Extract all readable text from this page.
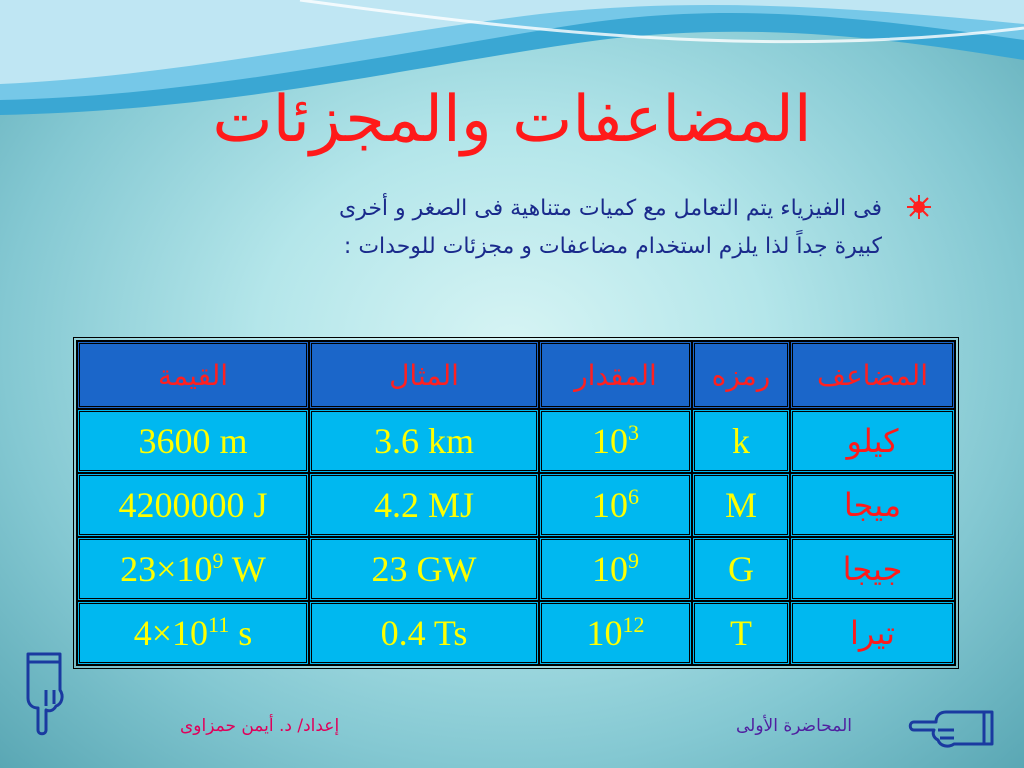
المضاعفات والمجزئات
فى الفيزياء يتم التعامل مع كميات متناهية فى الصغر و أخرى
كبيرة جداً لذا يلزم استخدام مضاعفات و مجزئات للوحدات :
المضاعف	رمزه	المقدار	المثال	القيمة
كيلو	k	$10^3$	3.6 km	3600 m
ميجا	M	$10^6$	4.2 MJ	4200000 J
جيجا	G	$10^9$	23 GW	$23\times 10^9$ W
تيرا	T	$10^{12}$	0.4 Ts	$4\times 10^{11}$ s
المحاضرة الأولى
إعداد/ د. أيمن حمزاوى
